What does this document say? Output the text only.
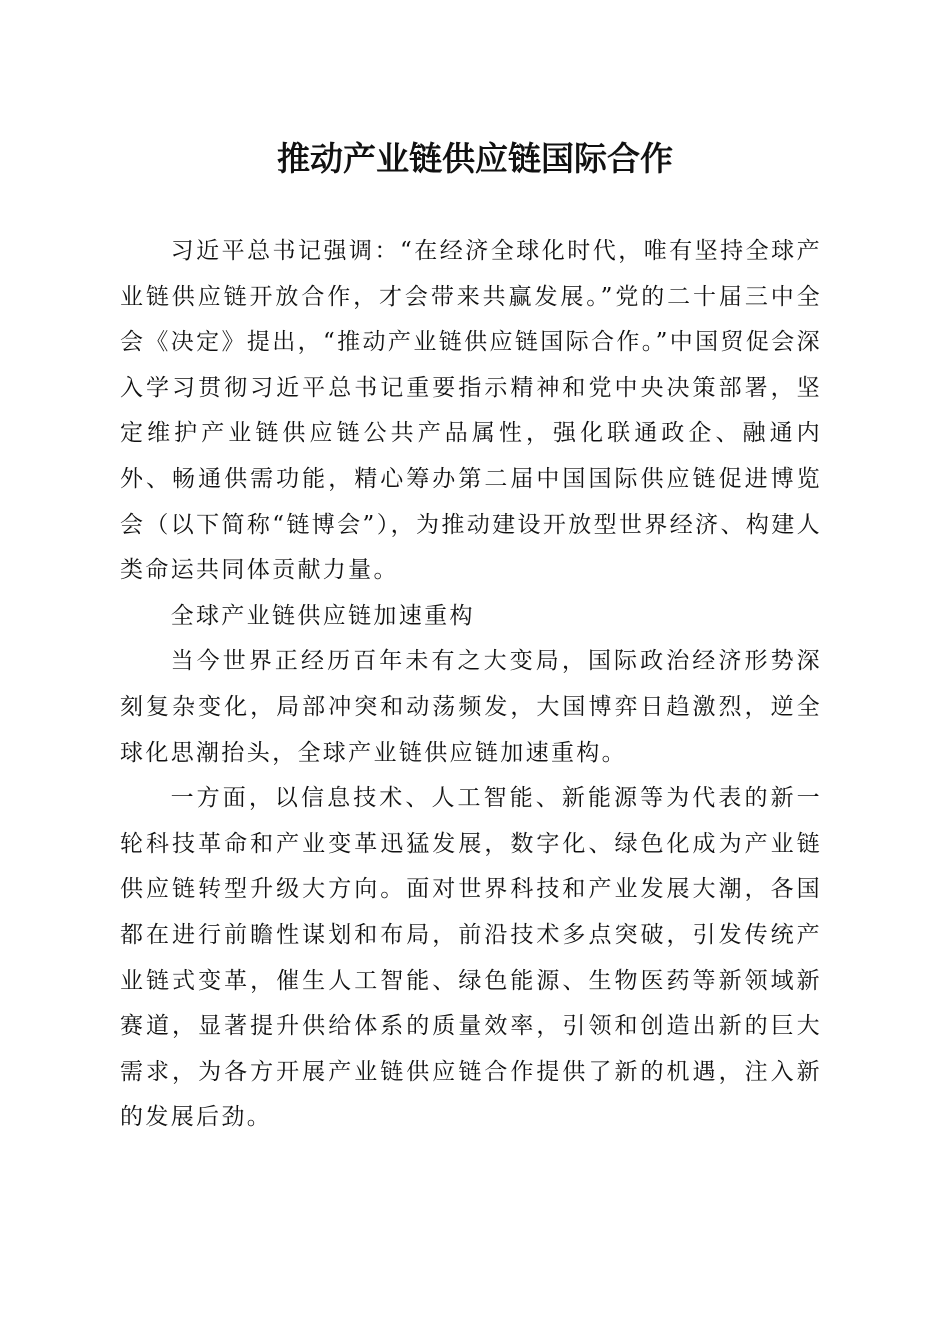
推动产业链供应链国际合作

习近平总书记强调：“在经济全球化时代，唯有坚持全球产业链供应链开放合作，才会带来共赢发展。”党的二十届三中全会《决定》提出，“推动产业链供应链国际合作。”中国贸促会深入学习贯彻习近平总书记重要指示精神和党中央决策部署，坚定维护产业链供应链公共产品属性，强化联通政企、融通内外、畅通供需功能，精心筹办第二届中国国际供应链促进博览会（以下简称“链博会”），为推动建设开放型世界经济、构建人类命运共同体贡献力量。

全球产业链供应链加速重构

当今世界正经历百年未有之大变局，国际政治经济形势深刻复杂变化，局部冲突和动荡频发，大国博弈日趋激烈，逆全球化思潮抬头，全球产业链供应链加速重构。

一方面，以信息技术、人工智能、新能源等为代表的新一轮科技革命和产业变革迅猛发展，数字化、绿色化成为产业链供应链转型升级大方向。面对世界科技和产业发展大潮，各国都在进行前瞻性谋划和布局，前沿技术多点突破，引发传统产业链式变革，催生人工智能、绿色能源、生物医药等新领域新赛道，显著提升供给体系的质量效率，引领和创造出新的巨大需求，为各方开展产业链供应链合作提供了新的机遇，注入新的发展后劲。
